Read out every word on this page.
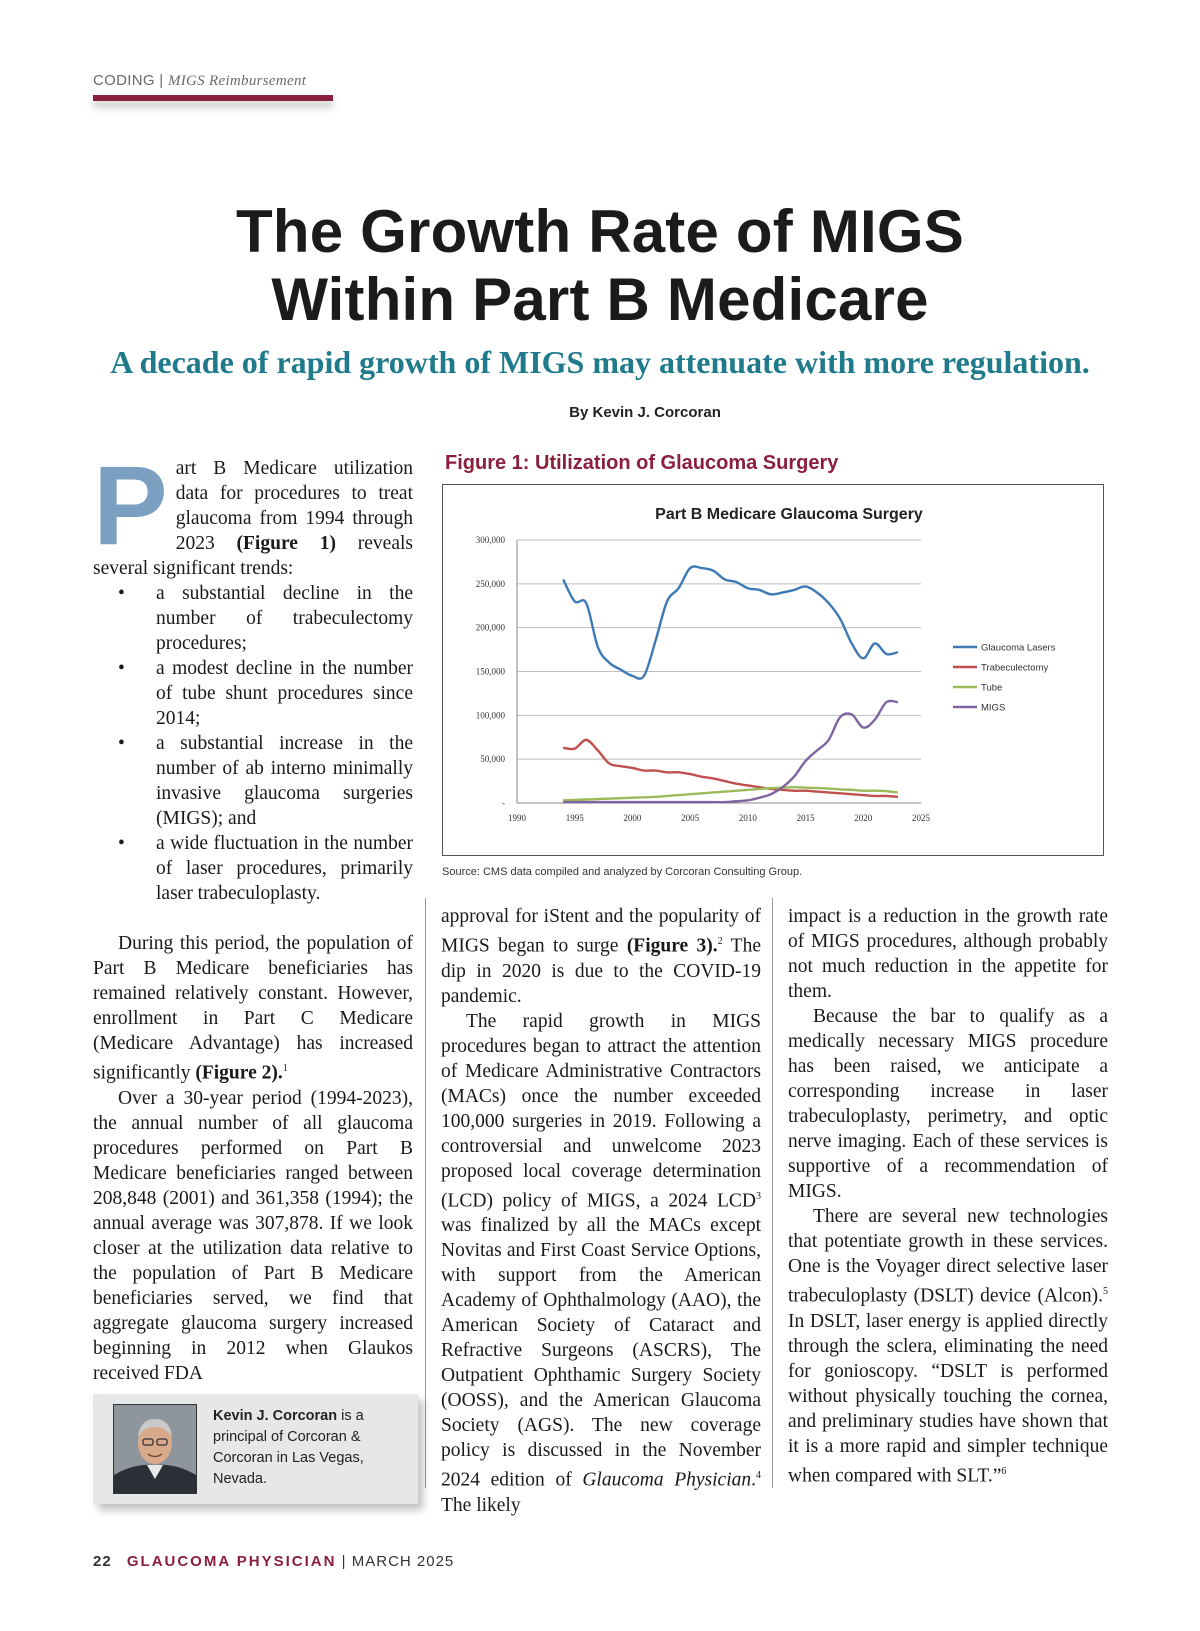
CODING | MIGS Reimbursement
The Growth Rate of MIGS
Within Part B Medicare
A decade of rapid growth of MIGS may attenuate with more regulation.
By Kevin J. Corcoran

Part B Medicare utilization data for procedures to treat glaucoma from 1994 through 2023 (Figure 1) reveals several significant trends:

• a substantial decline in the number of trabeculectomy procedures;
• a modest decline in the number of tube shunt procedures since 2014;
• a substantial increase in the number of ab interno minimally invasive glaucoma surgeries (MIGS); and
• a wide fluctuation in the number of laser procedures, primarily laser trabeculoplasty.

During this period, the population of Part B Medicare beneficiaries has remained relatively constant. However, enrollment in Part C Medicare (Medicare Advantage) has increased significantly (Figure 2).$^1$

Over a 30-year period (1994-2023), the annual number of all glaucoma procedures performed on Part B Medicare beneficiaries ranged between 208,848 (2001) and 361,358 (1994); the annual average was 307,878. If we look closer at the utilization data relative to the population of Part B Medicare beneficiaries served, we find that aggregate glaucoma surgery increased beginning in 2012 when Glaukos received FDA

Figure 1: Utilization of Glaucoma Surgery
Part B Medicare Glaucoma Surgery
300,000
250,000
200,000
150,000
100,000
50,000
-
1990	1995	2000	2005	2010	2015	2020	2025
Glaucoma Lasers
Trabeculectomy
Tube
MIGS
Source: CMS data compiled and analyzed by Corcoran Consulting Group.

approval for iStent and the popularity of MIGS began to surge (Figure 3).$^2$ The dip in 2020 is due to the COVID-19 pandemic.

The rapid growth in MIGS procedures began to attract the attention of Medicare Administrative Contractors (MACs) once the number exceeded 100,000 surgeries in 2019. Following a controversial and unwelcome 2023 proposed local coverage determination (LCD) policy of MIGS, a 2024 LCD$^3$ was finalized by all the MACs except Novitas and First Coast Service Options, with support from the American Academy of Ophthalmology (AAO), the American Society of Cataract and Refractive Surgeons (ASCRS), The Outpatient Ophthamic Surgery Society (OOSS), and the American Glaucoma Society (AGS). The new coverage policy is discussed in the November 2024 edition of Glaucoma Physician.$^4$ The likely

impact is a reduction in the growth rate of MIGS procedures, although probably not much reduction in the appetite for them.

Because the bar to qualify as a medically necessary MIGS procedure has been raised, we anticipate a corresponding increase in laser trabeculoplasty, perimetry, and optic nerve imaging. Each of these services is supportive of a recommendation of MIGS.

There are several new technologies that potentiate growth in these services. One is the Voyager direct selective laser trabeculoplasty (DSLT) device (Alcon).$^5$ In DSLT, laser energy is applied directly through the sclera, eliminating the need for gonioscopy. “DSLT is performed without physically touching the cornea, and preliminary studies have shown that it is a more rapid and simpler technique when compared with SLT.”$^6$

Kevin J. Corcoran is a principal of Corcoran & Corcoran in Las Vegas, Nevada.
22 GLAUCOMA PHYSICIAN | MARCH 2025
